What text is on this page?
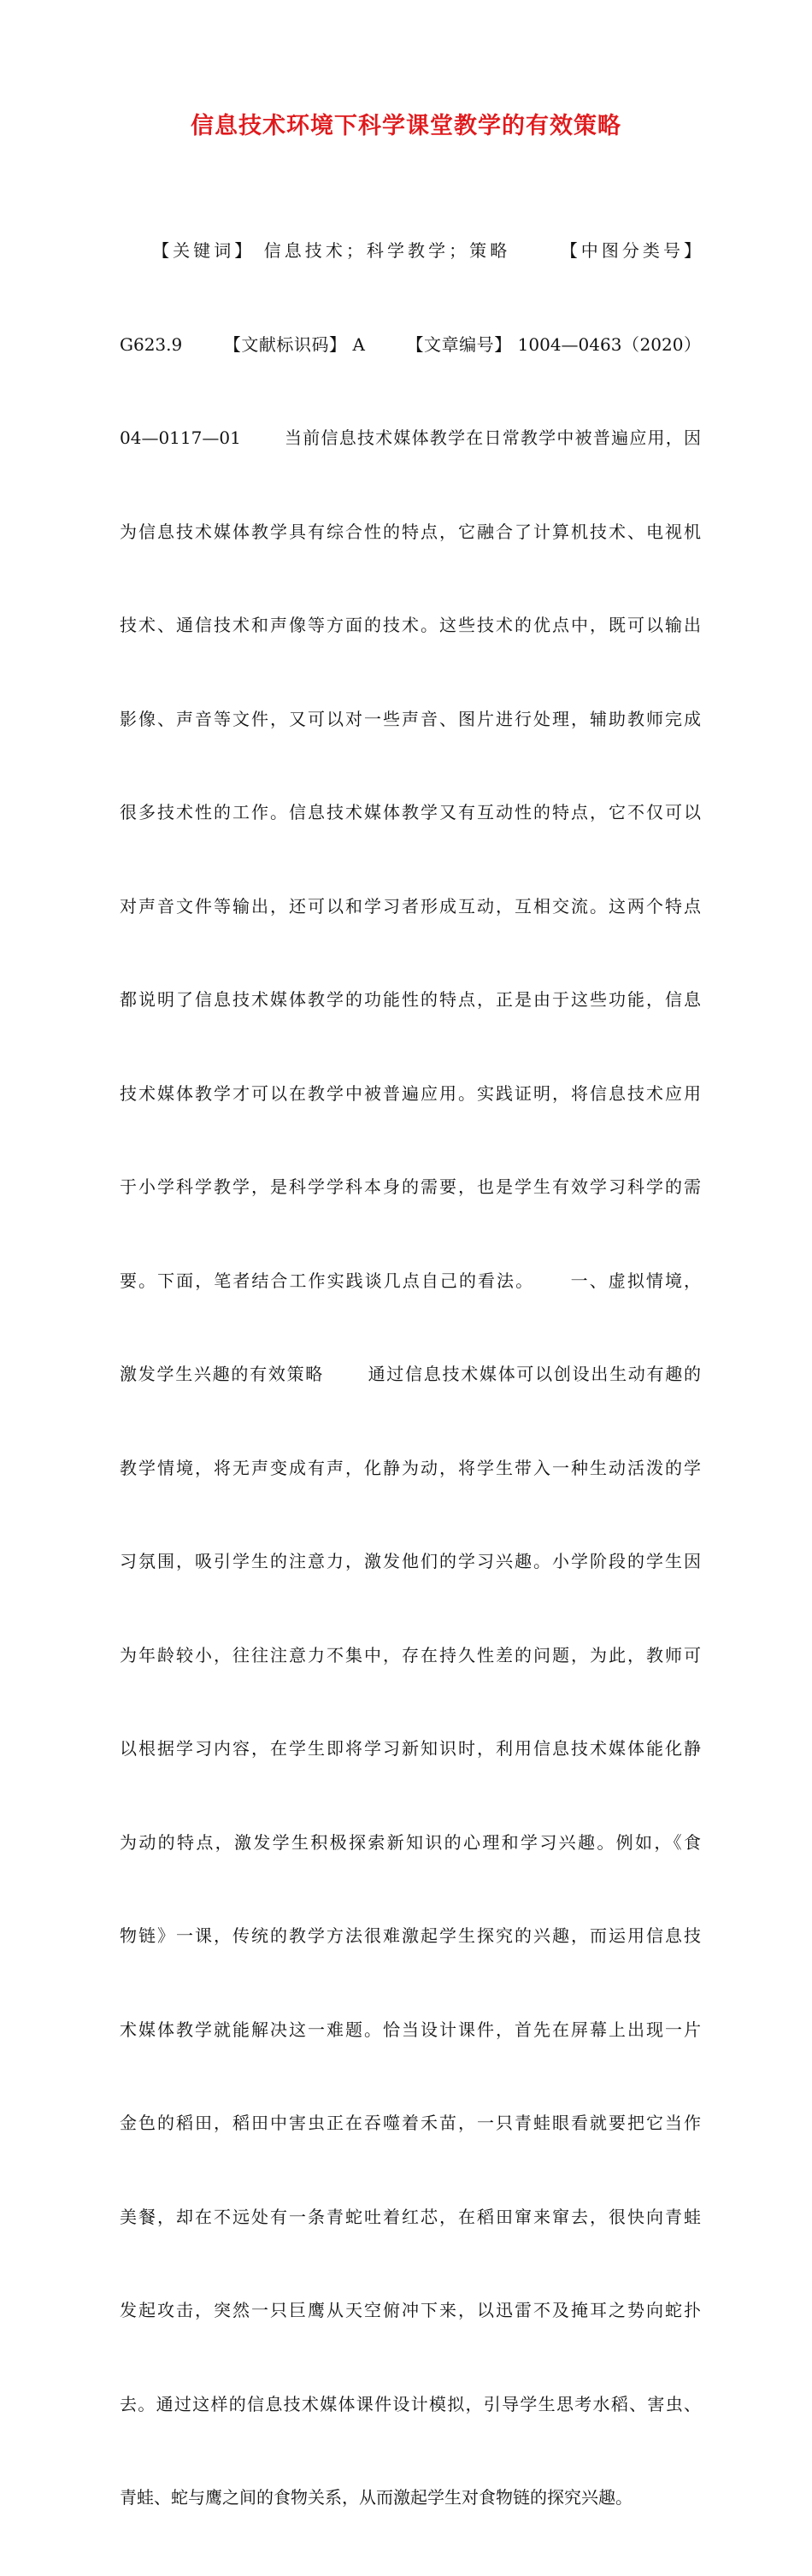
信息技术环境下科学课堂教学的有效策略

　　【关键词】 信息技术；科学教学；策略　　 【中图分类号】

G623.9　　 【文献标识码】 A　　 【文章编号】 1004—0463（2020）

04—0117—01　　 当前信息技术媒体教学在日常教学中被普遍应用，因

为信息技术媒体教学具有综合性的特点，它融合了计算机技术、电视机

技术、通信技术和声像等方面的技术。这些技术的优点中，既可以输出

影像、声音等文件，又可以对一些声音、图片进行处理，辅助教师完成

很多技术性的工作。信息技术媒体教学又有互动性的特点，它不仅可以

对声音文件等输出，还可以和学习者形成互动，互相交流。这两个特点

都说明了信息技术媒体教学的功能性的特点，正是由于这些功能，信息

技术媒体教学才可以在教学中被普遍应用。实践证明，将信息技术应用

于小学科学教学，是科学学科本身的需要，也是学生有效学习科学的需

要。下面，笔者结合工作实践谈几点自己的看法。　　 一、虚拟情境，

激发学生兴趣的有效策略　　 通过信息技术媒体可以创设出生动有趣的

教学情境，将无声变成有声，化静为动，将学生带入一种生动活泼的学

习氛围，吸引学生的注意力，激发他们的学习兴趣。小学阶段的学生因

为年龄较小，往往注意力不集中，存在持久性差的问题，为此，教师可

以根据学习内容，在学生即将学习新知识时，利用信息技术媒体能化静

为动的特点，激发学生积极探索新知识的心理和学习兴趣。例如，《食

物链》一课，传统的教学方法很难激起学生探究的兴趣，而运用信息技

术媒体教学就能解决这一难题。恰当设计课件，首先在屏幕上出现一片

金色的稻田，稻田中害虫正在吞噬着禾苗，一只青蛙眼看就要把它当作

美餐，却在不远处有一条青蛇吐着红芯，在稻田窜来窜去，很快向青蛙

发起攻击，突然一只巨鹰从天空俯冲下来，以迅雷不及掩耳之势向蛇扑

去。通过这样的信息技术媒体课件设计模拟，引导学生思考水稻、害虫、

青蛙、蛇与鹰之间的食物关系，从而激起学生对食物链的探究兴趣。
